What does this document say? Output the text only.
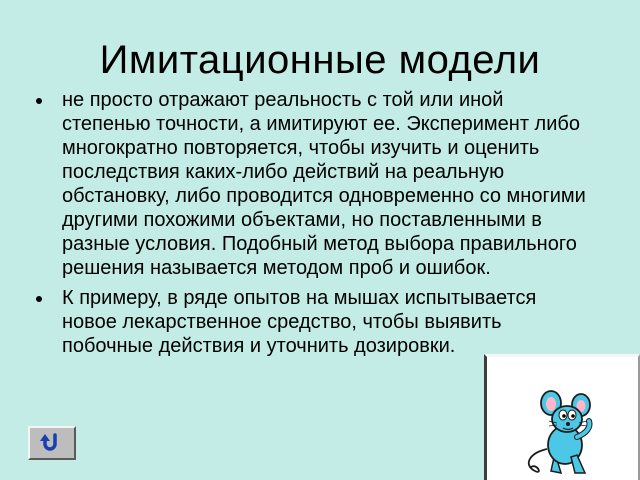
Имитационные модели
не просто отражают реальность с той или иной степенью точности, а имитируют ее. Эксперимент либо многократно повторяется, чтобы изучить и оценить последствия каких-либо действий на реальную обстановку, либо проводится одновременно со многими другими похожими объектами, но поставленными в разные условия. Подобный метод выбора правильного решения называется методом проб и ошибок.
К примеру, в ряде опытов на мышах испытывается новое лекарственное средство, чтобы выявить побочные действия и уточнить дозировки.
